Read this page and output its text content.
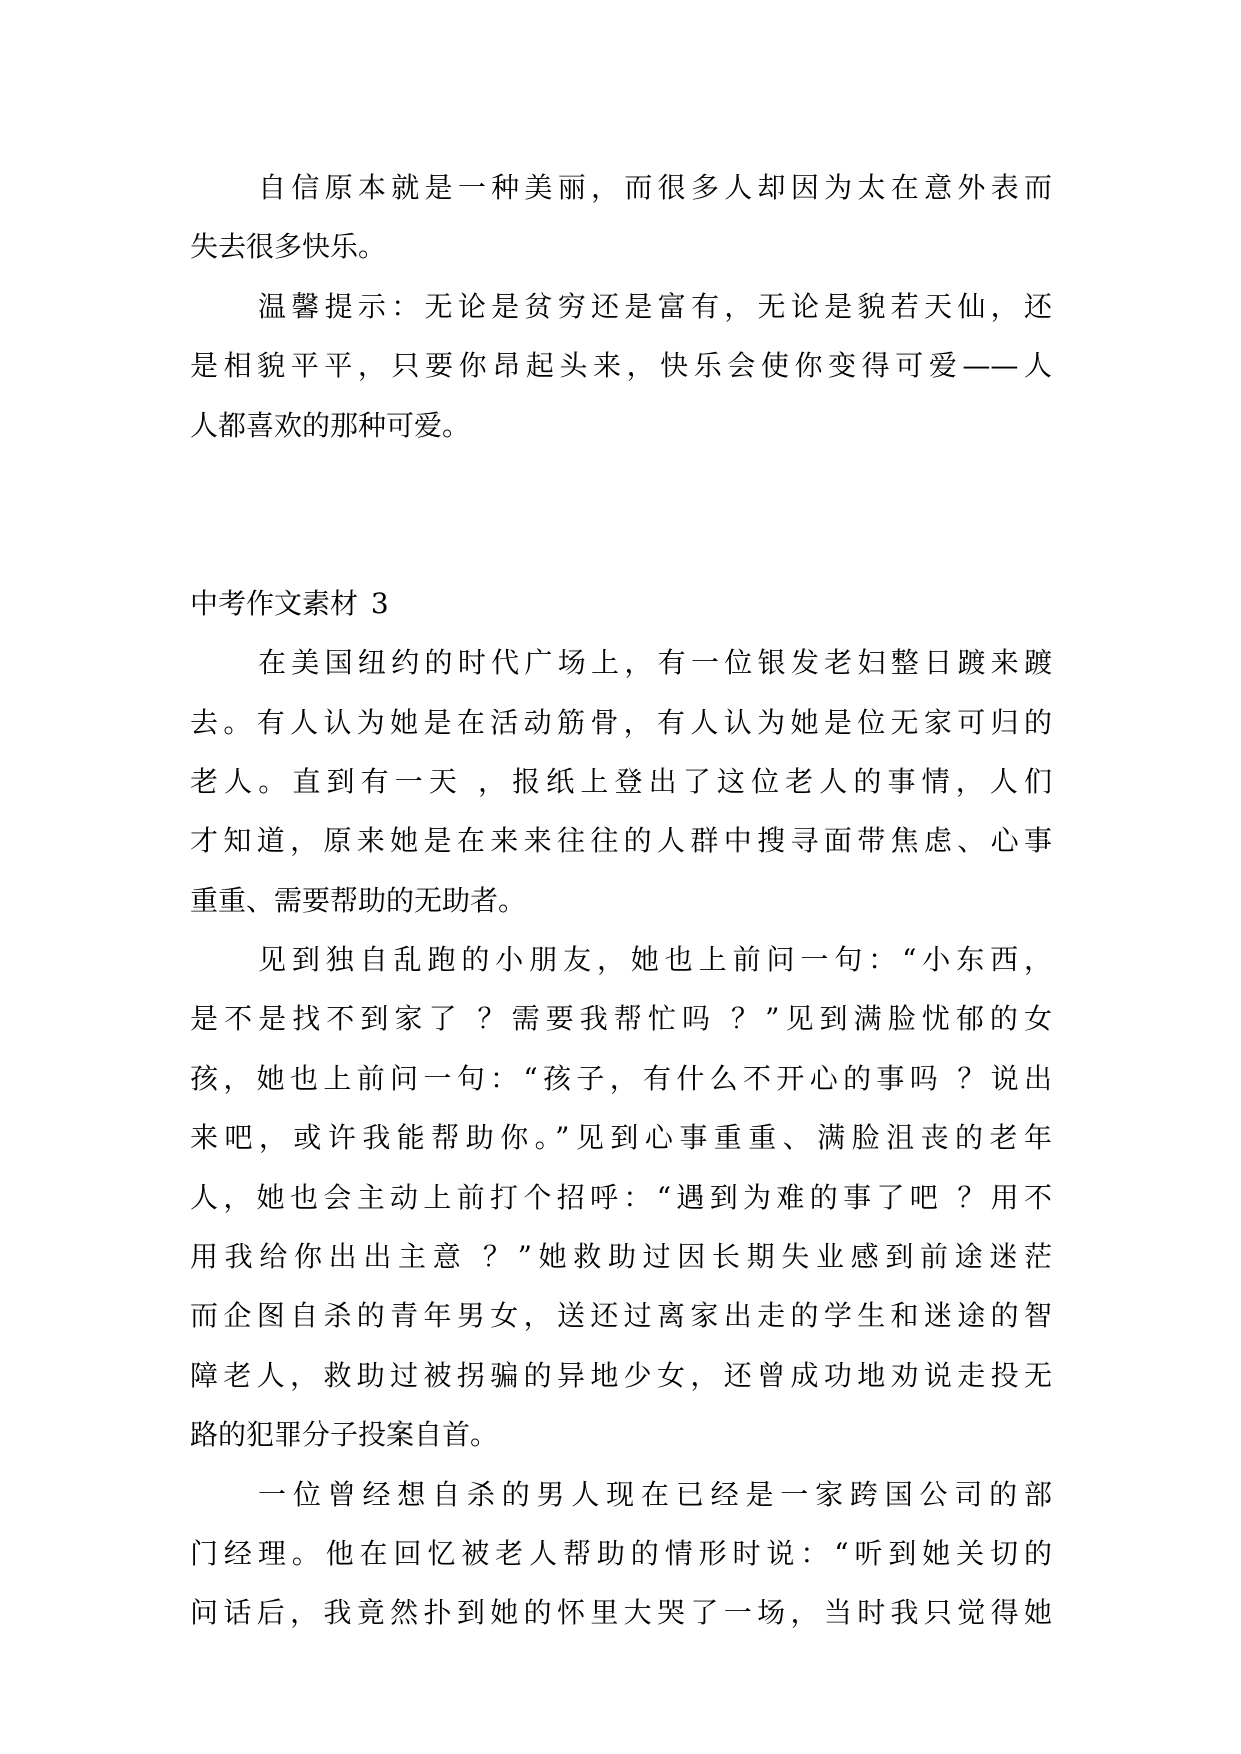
自信原本就是一种美丽，而很多人却因为太在意外表而
失去很多快乐。
温馨提示：无论是贫穷还是富有，无论是貌若天仙，还
是相貌平平，只要你昂起头来，快乐会使你变得可爱——人
人都喜欢的那种可爱。
中考作文素材 3
在美国纽约的时代广场上，有一位银发老妇整日踱来踱
去。有人认为她是在活动筋骨，有人认为她是位无家可归的
老人。直到有一天 ，报纸上登出了这位老人的事情，人们
才知道，原来她是在来来往往的人群中搜寻面带焦虑、心事
重重、需要帮助的无助者。
见到独自乱跑的小朋友，她也上前问一句：“小东西，
是不是找不到家了 ？需要我帮忙吗 ？”见到满脸忧郁的女
孩，她也上前问一句：“孩子，有什么不开心的事吗 ？说出
来吧，或许我能帮助你。”见到心事重重、满脸沮丧的老年
人，她也会主动上前打个招呼：“遇到为难的事了吧 ？用不
用我给你出出主意 ？”她救助过因长期失业感到前途迷茫
而企图自杀的青年男女，送还过离家出走的学生和迷途的智
障老人，救助过被拐骗的异地少女，还曾成功地劝说走投无
路的犯罪分子投案自首。
一位曾经想自杀的男人现在已经是一家跨国公司的部
门经理。他在回忆被老人帮助的情形时说：“听到她关切的
问话后，我竟然扑到她的怀里大哭了一场，当时我只觉得她
